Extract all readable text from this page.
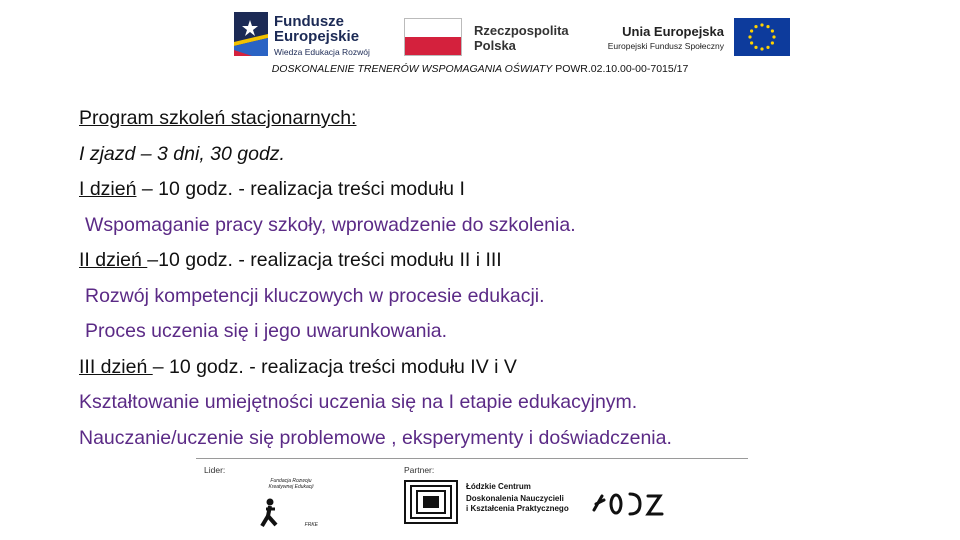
Fundusze
Europejskie
Wiedza Edukacja Rozwój
Rzeczpospolita
Polska
Unia Europejska
Europejski Fundusz Społeczny
DOSKONALENIE TRENERÓW WSPOMAGANIA OŚWIATY POWR.02.10.00-00-7015/17
Program szkoleń stacjonarnych:
I zjazd – 3 dni, 30 godz.
I dzień – 10 godz. - realizacja treści modułu I
Wspomaganie pracy szkoły, wprowadzenie do szkolenia.
II dzień –10 godz. - realizacja treści modułu II i III
Rozwój kompetencji kluczowych w procesie edukacji.
Proces uczenia się i jego uwarunkowania.
III dzień – 10 godz. - realizacja treści modułu IV i V
Kształtowanie umiejętności uczenia się na I etapie edukacyjnym.
Nauczanie/uczenie się problemowe , eksperymenty i doświadczenia.
Lider:	Partner:
Fundacja Rozwoju Kreatywnej Edukacji
FRKE
Łódzkie Centrum
Doskonalenia Nauczycieli
i Kształcenia Praktycznego
